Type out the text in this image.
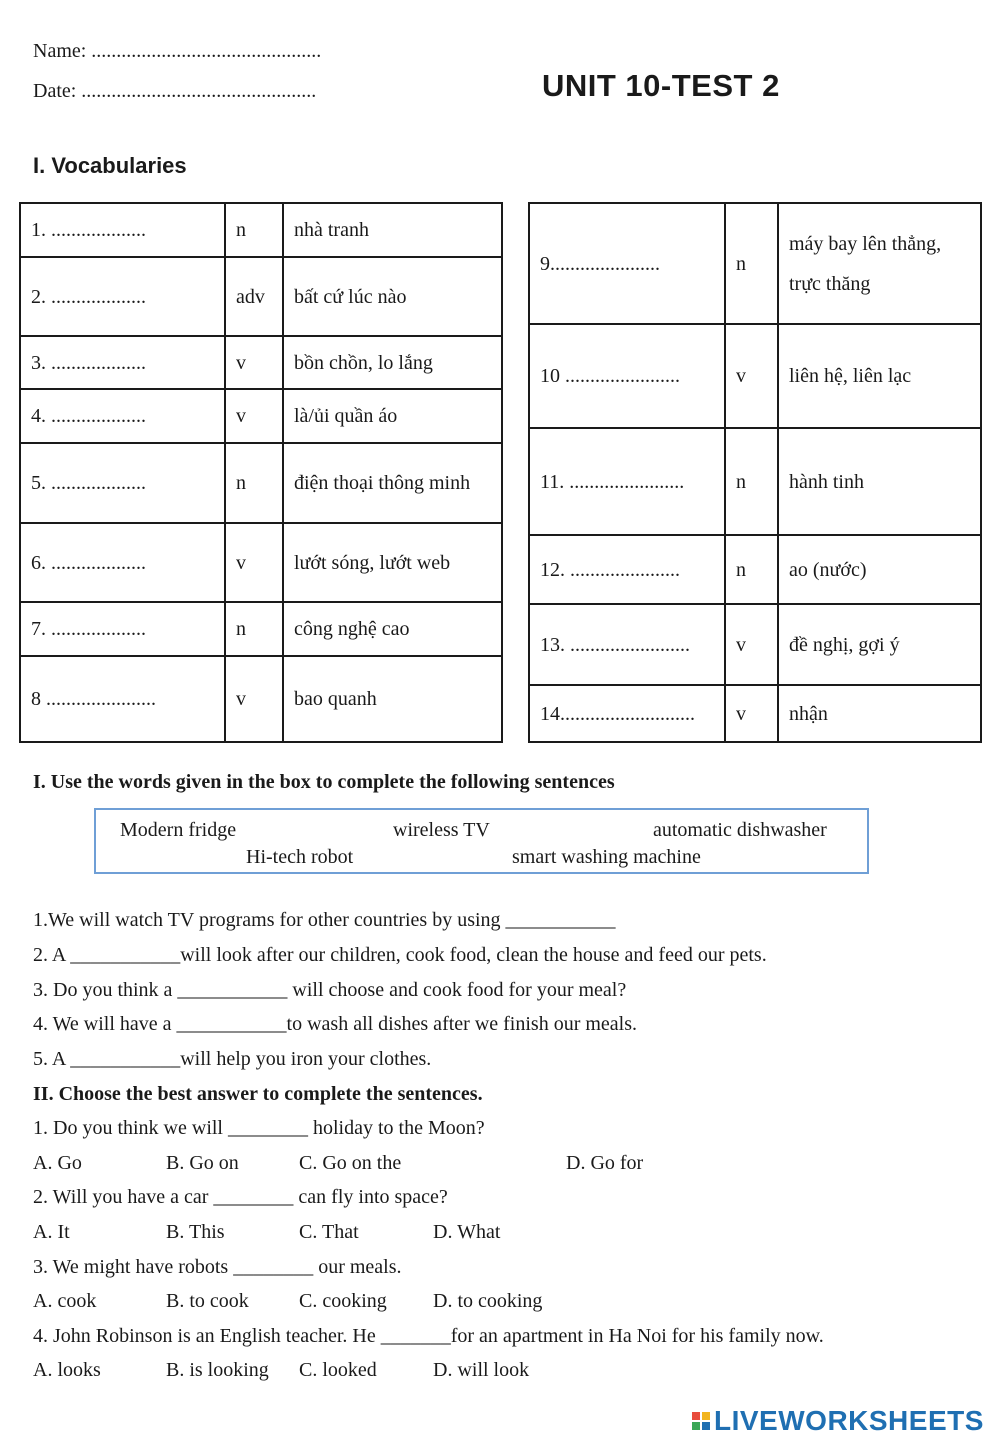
Name: ..............................................
Date: ...............................................	UNIT 10-TEST 2
I. Vocabularies
1. ...................	n	nhà tranh
2. ...................	adv	bất cứ lúc nào
3. ...................	v	bồn chồn, lo lắng
4. ...................	v	là/ủi quần áo
5. ...................	n	điện thoại thông minh
6. ...................	v	lướt sóng, lướt web
7. ...................	n	công nghệ cao
8 ......................	v	bao quanh
9......................	n	máy bay lên thẳng, trực thăng
10 .......................	v	liên hệ, liên lạc
11. .......................	n	hành tinh
12. ......................	n	ao (nước)
13. ........................	v	đề nghị, gợi ý
14...........................	v	nhận
I. Use the words given in the box to complete the following sentences
Modern fridge	wireless TV	automatic dishwasher
Hi-tech robot	smart washing machine
1.We will watch TV programs for other countries by using ___________
2. A ___________will look after our children, cook food, clean the house and feed our pets.
3. Do you think a ___________ will choose and cook food for your meal?
4. We will have a ___________to wash all dishes after we finish our meals.
5. A ___________will help you iron your clothes.
II. Choose the best answer to complete the sentences.
1. Do you think we will ________ holiday to the Moon?
A. Go	B. Go on	C. Go on the	D. Go for
2. Will you have a car ________ can fly into space?
A. It	B. This	C. That	D. What
3. We might have robots ________ our meals.
A. cook	B. to cook	C. cooking D. to cooking
4. John Robinson is an English teacher. He _______for an apartment in Ha Noi for his family now.
A. looks	B. is looking C. looked	D. will look
LIVEWORKSHEETS
